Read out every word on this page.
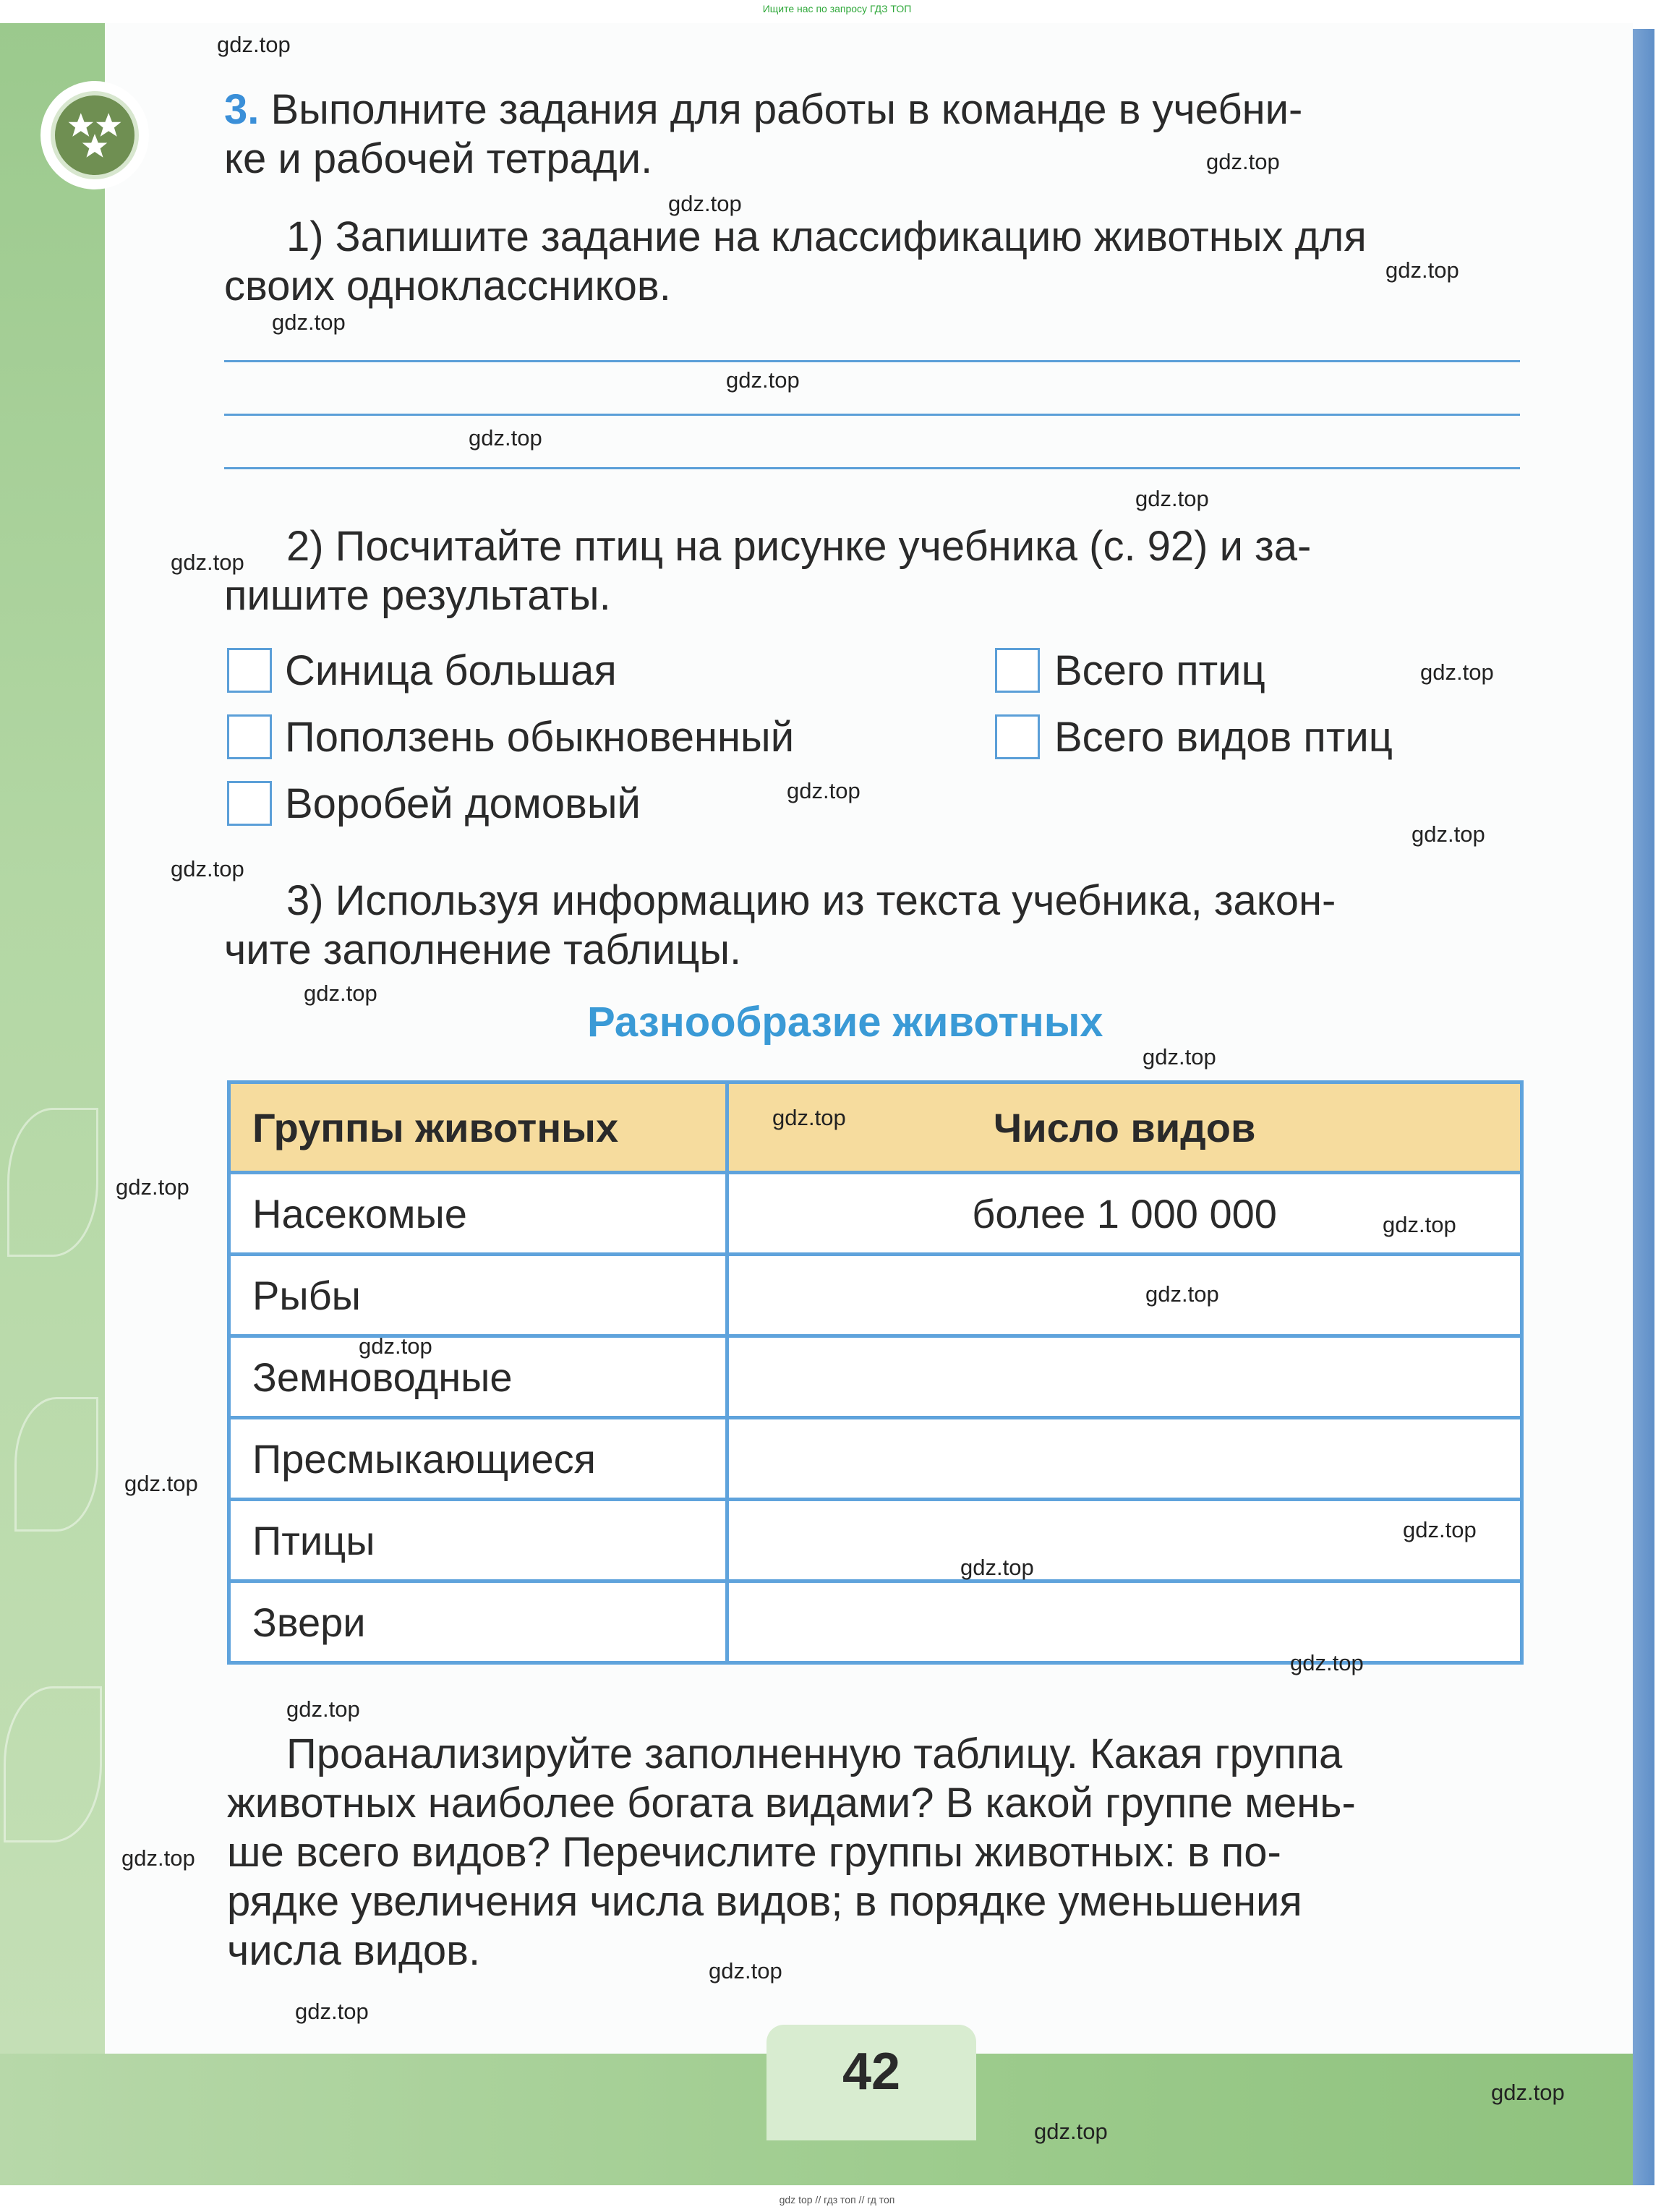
Ищите нас по запросу ГДЗ ТОП
3. Выполните задания для работы в команде в учебни-
ке и рабочей тетради.
1) Запишите задание на классификацию животных для
своих одноклассников.
2) Посчитайте птиц на рисунке учебника (с. 92) и за-
пишите результаты.
Синица большая
Поползень обыкновенный
Воробей домовый
Всего птиц
Всего видов птиц
3) Используя информацию из текста учебника, закон-
чите заполнение таблицы.
Разнообразие животных
Группы животных	Число видов
Насекомые	более 1 000 000
Рыбы	
Земноводные	
Пресмыкающиеся	
Птицы	
Звери	
Проанализируйте заполненную таблицу. Какая группа
животных наиболее богата видами? В какой группе мень-
ше всего видов? Перечислите группы животных: в по-
рядке увеличения числа видов; в порядке уменьшения
числа видов.
42
gdz.top
gdz.top
gdz.top
gdz.top
gdz.top
gdz.top
gdz.top
gdz.top
gdz.top
gdz.top
gdz.top
gdz.top
gdz.top
gdz.top
gdz.top
gdz.top
gdz.top
gdz.top
gdz.top
gdz.top
gdz.top
gdz.top
gdz.top
gdz.top
gdz.top
gdz.top
gdz.top
gdz.top
gdz.top
gdz.top
gdz top // гдз топ // гд топ
